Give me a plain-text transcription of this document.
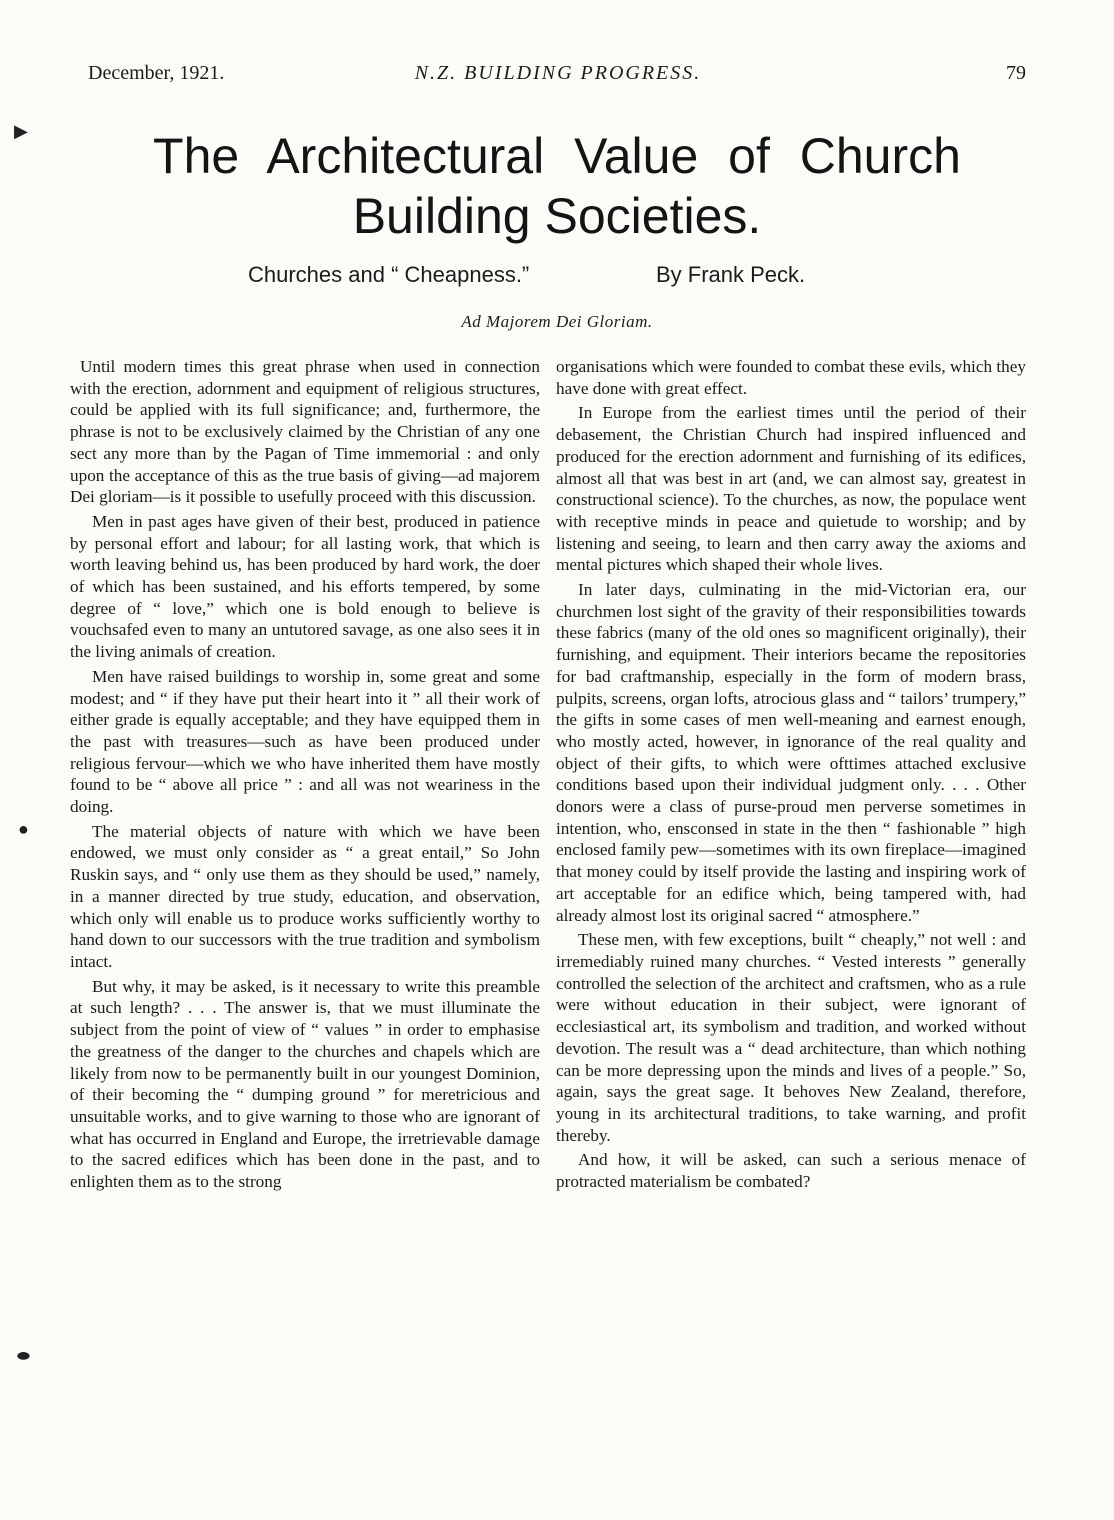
December, 1921.	N.Z. BUILDING PROGRESS.	79
▶
●
●
The Architectural Value of Church
Building Societies.
Churches and “ Cheapness.”	By Frank Peck.
Ad Majorem Dei Gloriam.

Until modern times this great phrase when used in connection with the erection, adornment and equipment of religious structures, could be applied with its full significance; and, furthermore, the phrase is not to be exclusively claimed by the Christian of any one sect any more than by the Pagan of Time immemorial : and only upon the acceptance of this as the true basis of giving—ad majorem Dei gloriam—is it possible to usefully proceed with this discussion.

Men in past ages have given of their best, produced in patience by personal effort and labour; for all lasting work, that which is worth leaving behind us, has been produced by hard work, the doer of which has been sustained, and his efforts tempered, by some degree of “ love,” which one is bold enough to believe is vouchsafed even to many an untutored savage, as one also sees it in the living animals of creation.

Men have raised buildings to worship in, some great and some modest; and “ if they have put their heart into it ” all their work of either grade is equally acceptable; and they have equipped them in the past with treasures—such as have been produced under religious fervour—which we who have inherited them have mostly found to be “ above all price ” : and all was not weariness in the doing.

The material objects of nature with which we have been endowed, we must only consider as “ a great entail,” So John Ruskin says, and “ only use them as they should be used,” namely, in a manner directed by true study, education, and observation, which only will enable us to produce works sufficiently worthy to hand down to our successors with the true tradition and symbolism intact.

But why, it may be asked, is it necessary to write this preamble at such length? . . . The answer is, that we must illuminate the subject from the point of view of “ values ” in order to emphasise the greatness of the danger to the churches and chapels which are likely from now to be permanently built in our youngest Dominion, of their becoming the “ dumping ground ” for meretricious and unsuitable works, and to give warning to those who are ignorant of what has occurred in England and Europe, the irretrievable damage to the sacred edifices which has been done in the past, and to enlighten them as to the strong

organisations which were founded to combat these evils, which they have done with great effect.

In Europe from the earliest times until the period of their debasement, the Christian Church had inspired influenced and produced for the erection adornment and furnishing of its edifices, almost all that was best in art (and, we can almost say, greatest in constructional science). To the churches, as now, the populace went with receptive minds in peace and quietude to worship; and by listening and seeing, to learn and then carry away the axioms and mental pictures which shaped their whole lives.

In later days, culminating in the mid-Victorian era, our churchmen lost sight of the gravity of their responsibilities towards these fabrics (many of the old ones so magnificent originally), their furnishing, and equipment. Their interiors became the repositories for bad craftmanship, especially in the form of modern brass, pulpits, screens, organ lofts, atrocious glass and “ tailors’ trumpery,” the gifts in some cases of men well-meaning and earnest enough, who mostly acted, however, in ignorance of the real quality and object of their gifts, to which were ofttimes attached exclusive conditions based upon their individual judgment only. . . . Other donors were a class of purse-proud men perverse sometimes in intention, who, ensconsed in state in the then “ fashionable ” high enclosed family pew—sometimes with its own fireplace—imagined that money could by itself provide the lasting and inspiring work of art acceptable for an edifice which, being tampered with, had already almost lost its original sacred “ atmosphere.”

These men, with few exceptions, built “ cheaply,” not well : and irremediably ruined many churches. “ Vested interests ” generally controlled the selection of the architect and craftsmen, who as a rule were without education in their subject, were ignorant of ecclesiastical art, its symbolism and tradition, and worked without devotion. The result was a “ dead architecture, than which nothing can be more depressing upon the minds and lives of a people.” So, again, says the great sage. It behoves New Zealand, therefore, young in its architectural traditions, to take warning, and profit thereby.

And how, it will be asked, can such a serious menace of protracted materialism be combated?
